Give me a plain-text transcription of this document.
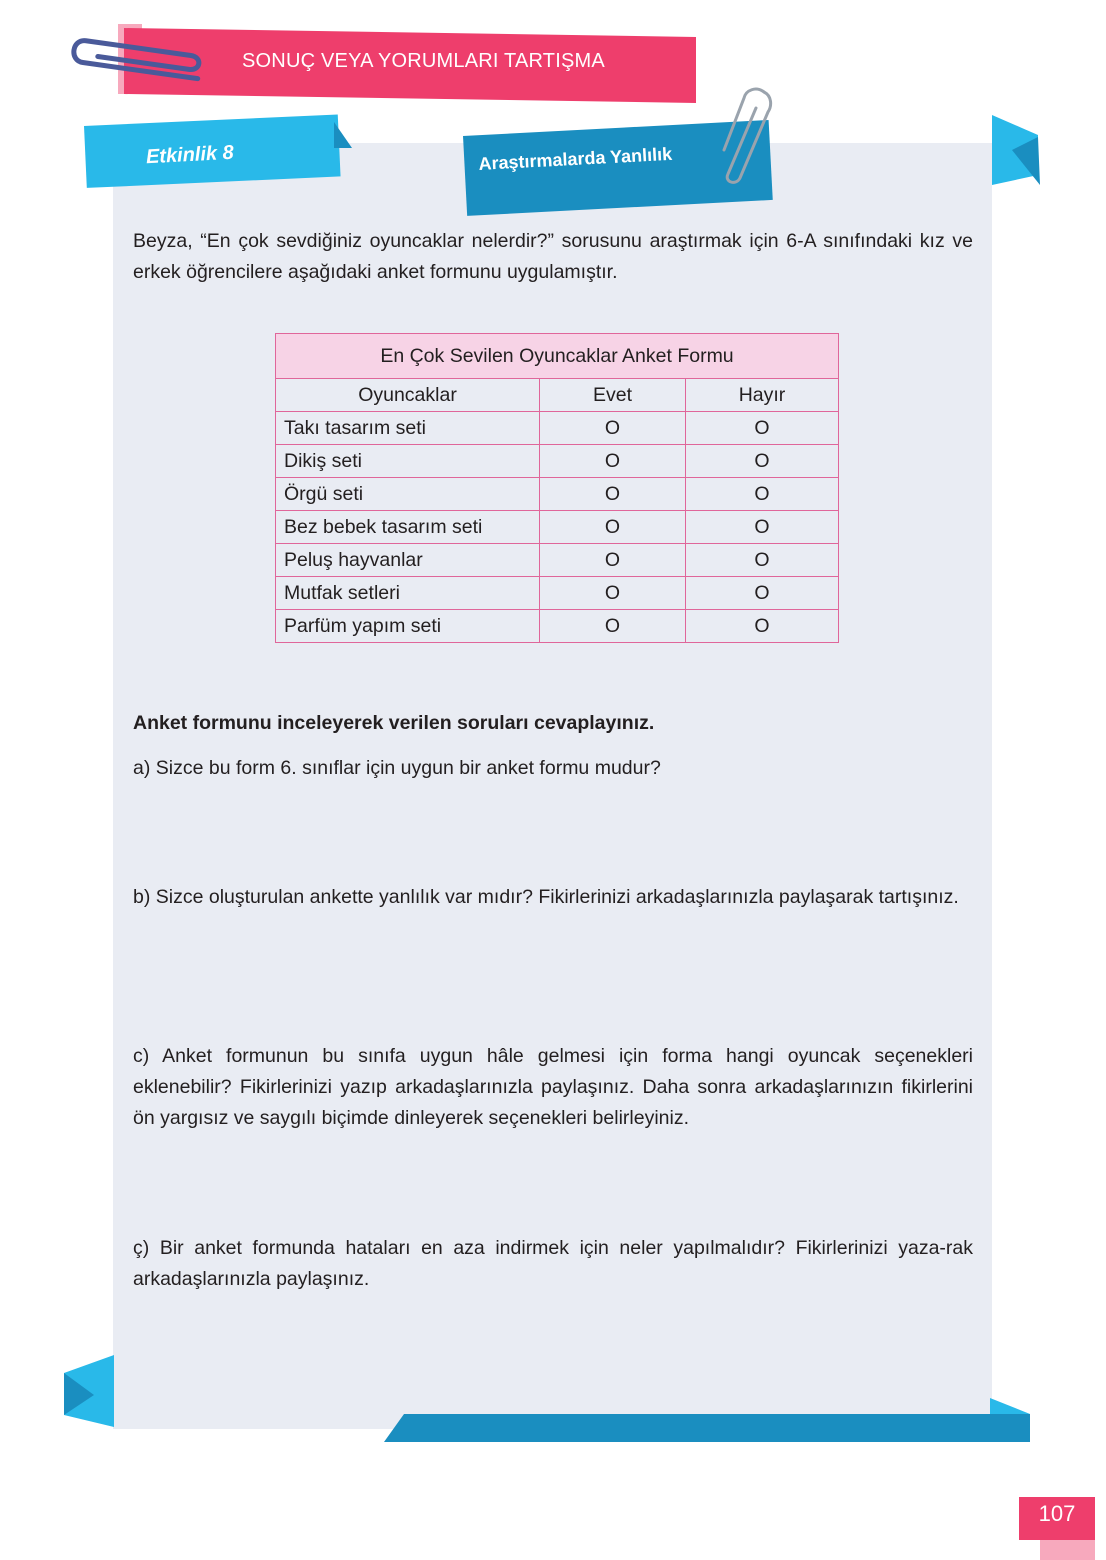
SONUÇ VEYA YORUMLARI TARTIŞMA
Etkinlik 8	Araştırmalarda Yanlılık
Beyza, “En çok sevdiğiniz oyuncaklar nelerdir?” sorusunu araştırmak için 6-A sınıfındaki kız ve erkek öğrencilere aşağıdaki anket formunu uygulamıştır.
En Çok Sevilen Oyuncaklar Anket Formu		
Oyuncaklar	Evet	Hayır
Takı tasarım seti	O	O
Dikiş seti	O	O
Örgü seti	O	O
Bez bebek tasarım seti	O	O
Peluş hayvanlar	O	O
Mutfak setleri	O	O
Parfüm yapım seti	O	O
Anket formunu inceleyerek verilen soruları cevaplayınız.
a) Sizce bu form 6. sınıflar için uygun bir anket formu mudur?
b) Sizce oluşturulan ankette yanlılık var mıdır? Fikirlerinizi arkadaşlarınızla paylaşarak tartışınız.
c) Anket formunun bu sınıfa uygun hâle gelmesi için forma hangi oyuncak seçenekleri eklenebilir? Fikirlerinizi yazıp arkadaşlarınızla paylaşınız. Daha sonra arkadaşlarınızın fikirlerini ön yargısız ve saygılı biçimde dinleyerek seçenekleri belirleyiniz.
ç) Bir anket formunda hataları en aza indirmek için neler yapılmalıdır? Fikirlerinizi yaza-rak arkadaşlarınızla paylaşınız.
107
